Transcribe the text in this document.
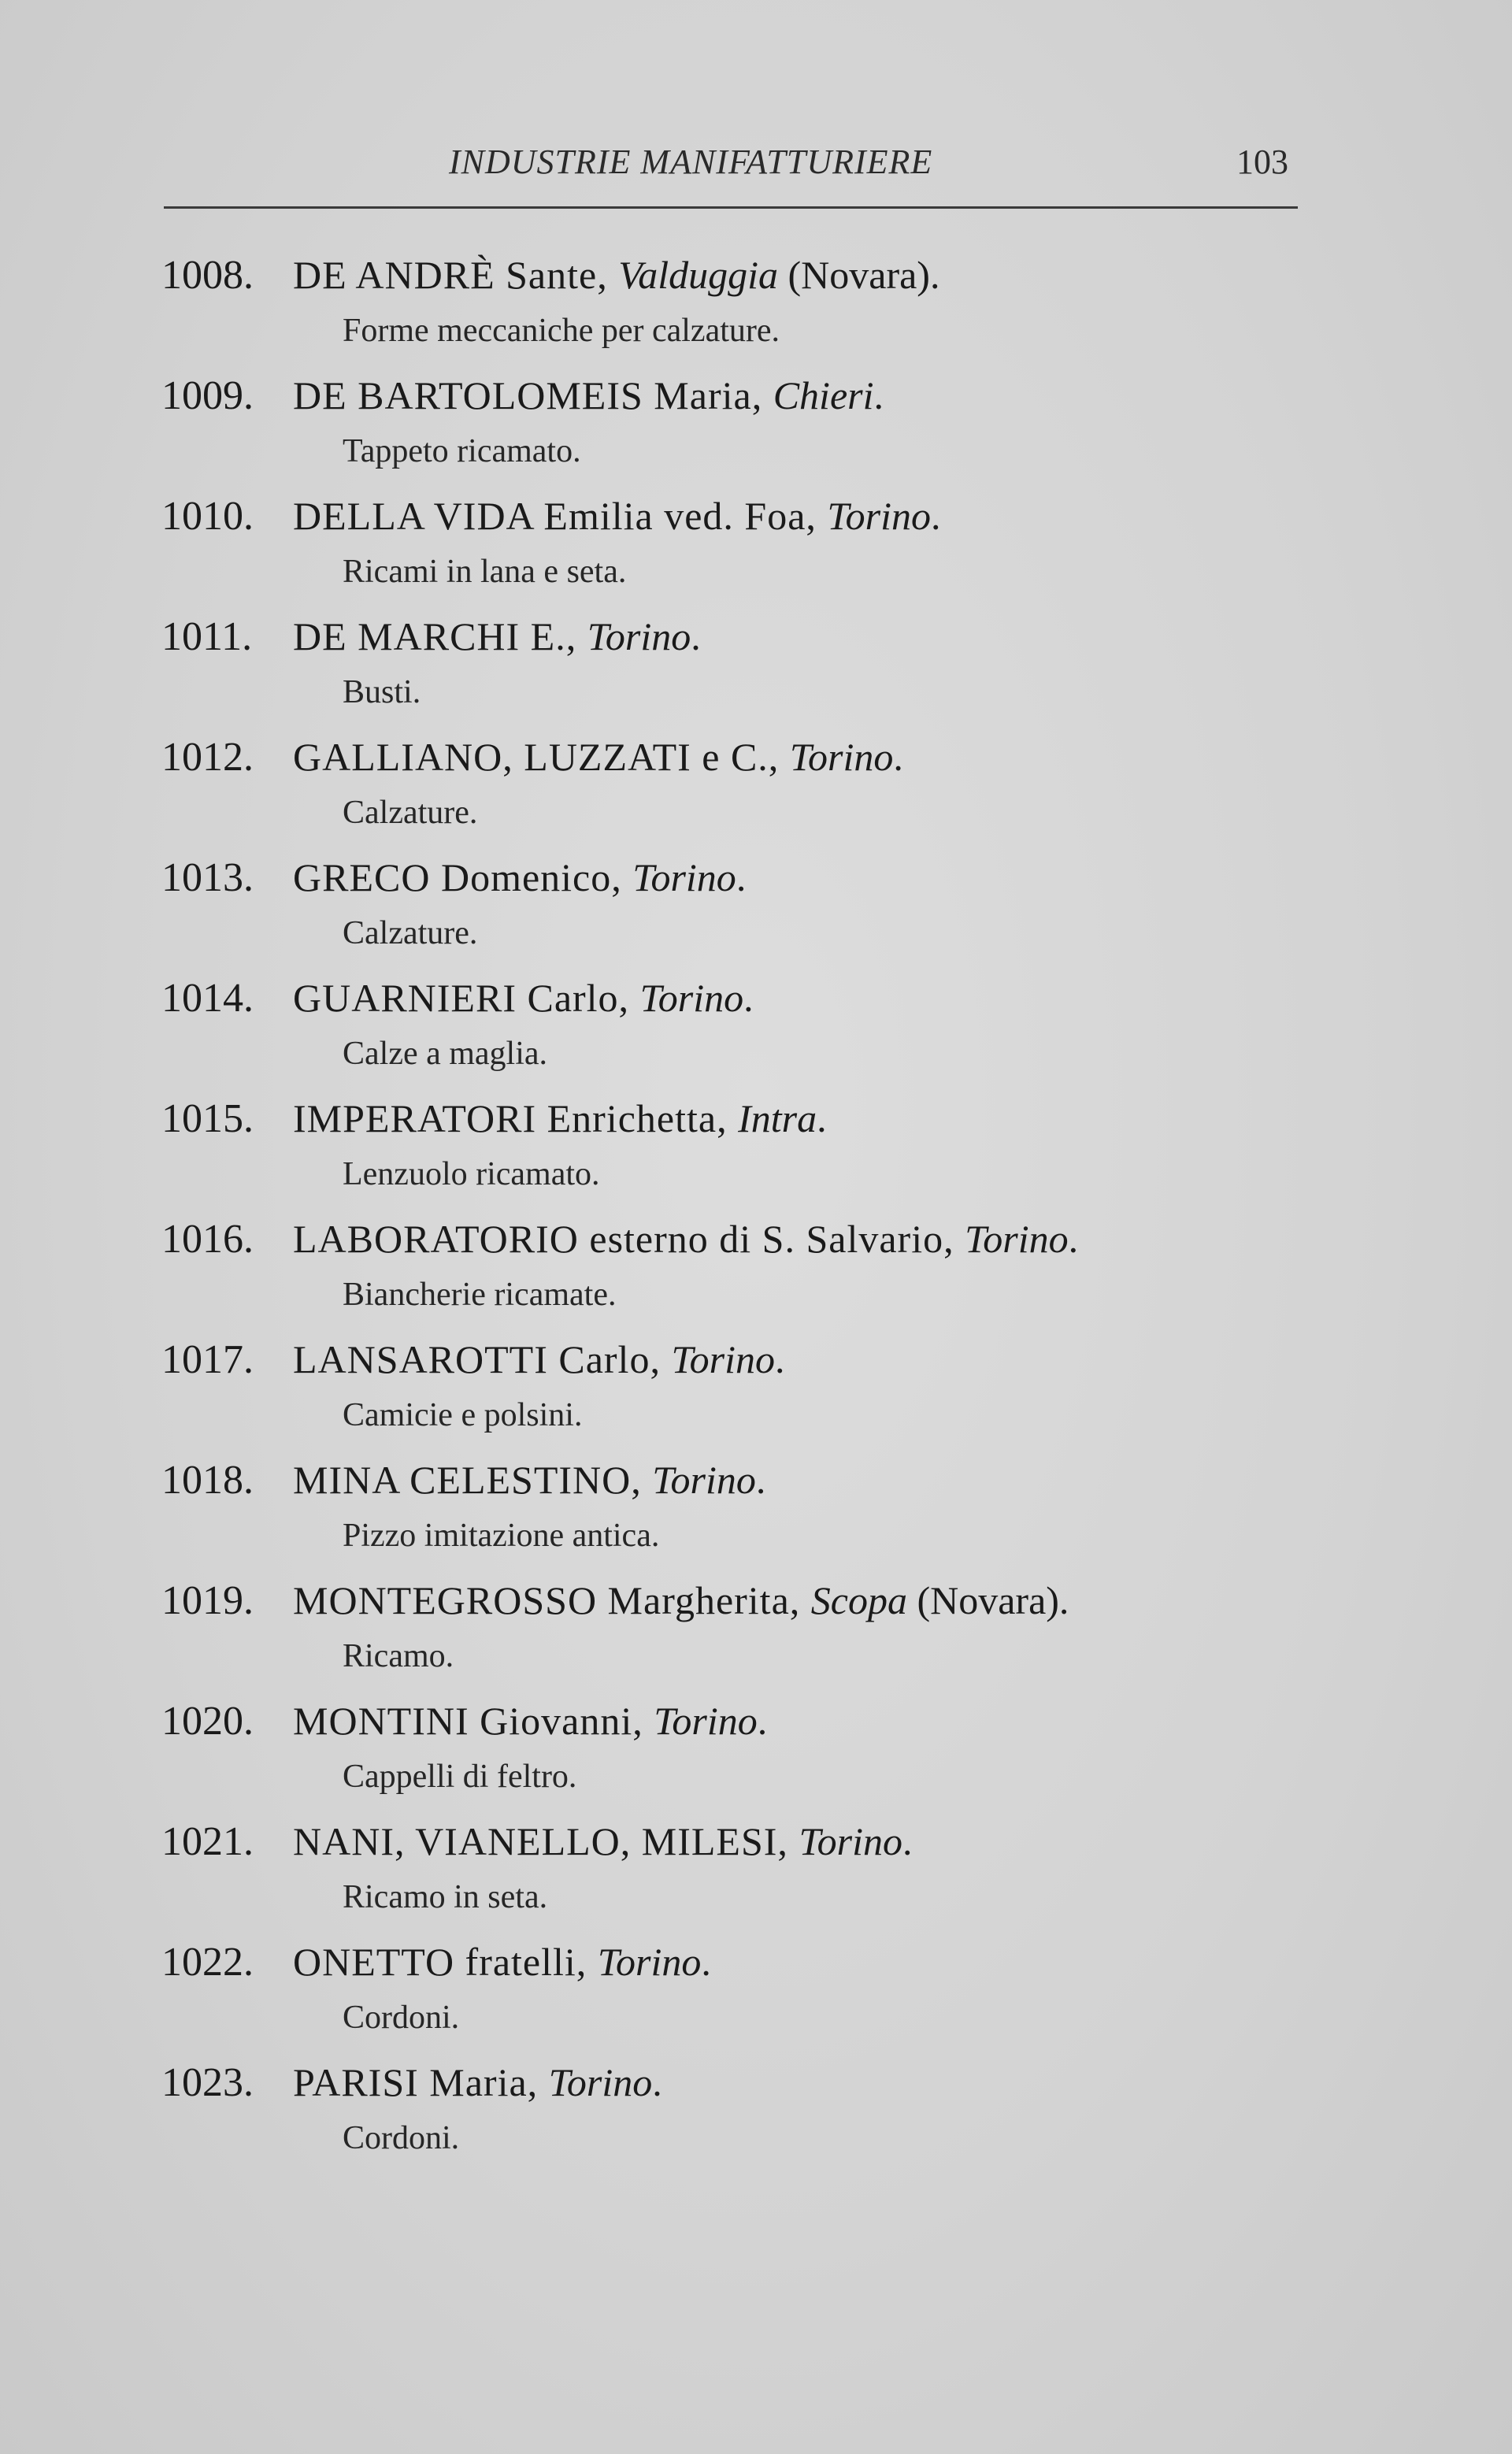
INDUSTRIE MANIFATTURIERE	103
1008. DE ANDRÈ Sante, Valduggia (Novara).
Forme meccaniche per calzature.
1009. DE BARTOLOMEIS Maria, Chieri.
Tappeto ricamato.
1010. DELLA VIDA Emilia ved. Foa, Torino.
Ricami in lana e seta.
1011. DE MARCHI E., Torino.
Busti.
1012. GALLIANO, LUZZATI e C., Torino.
Calzature.
1013. GRECO Domenico, Torino.
Calzature.
1014. GUARNIERI Carlo, Torino.
Calze a maglia.
1015. IMPERATORI Enrichetta, Intra.
Lenzuolo ricamato.
1016. LABORATORIO esterno di S. Salvario, Torino.
Biancherie ricamate.
1017. LANSAROTTI Carlo, Torino.
Camicie e polsini.
1018. MINA CELESTINO, Torino.
Pizzo imitazione antica.
1019. MONTEGROSSO Margherita, Scopa (Novara).
Ricamo.
1020. MONTINI Giovanni, Torino.
Cappelli di feltro.
1021. NANI, VIANELLO, MILESI, Torino.
Ricamo in seta.
1022. ONETTO fratelli, Torino.
Cordoni.
1023. PARISI Maria, Torino.
Cordoni.
